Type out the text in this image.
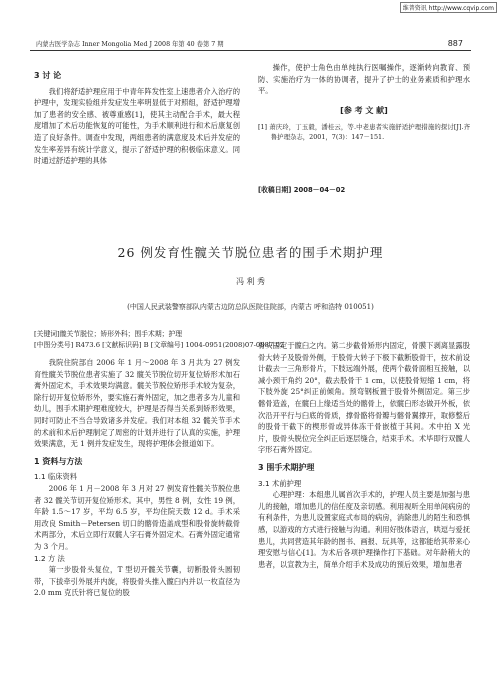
维普资讯 http://www.cqvip.com
内蒙古医学杂志 Inner Mongolia Med J 2008 年第 40 卷第 7 期	887
3 讨 论

我们将舒适护理应用于中青年阵发性室上速患者介入治疗的护理中，发现实验组并发症发生率明显低于对照组，舒适护理增加了患者的安全感、被尊重感[1]，使其主动配合手术，最大程度增加了术后功能恢复的可能性，为手术顺利进行和术后康复创造了良好条件。调查中发现，两组患者的满意度及术后并发症的发生率差异有统计学意义，提示了舒适护理的积极临床意义。同时通过舒适护理的具体

操作，使护士角色由单纯执行医嘱操作，逐渐转向教育、预防、实施治疗为一体的协调者，提升了护士的业务素质和护理水平。

[参 考 文 献]
[1] 萧庆玲，丁玉毅，潘桂云，等.中老患者实施舒适护理措施的探讨[J].齐鲁护理杂志，2001，7(3)：147－151.
[收稿日期] 2008－04－02
26 例发育性髋关节脱位患者的围手术期护理
冯 利 秀
(中国人民武装警察部队内蒙古边防总队医院住院部，内蒙古 呼和浩特 010051)
[关键词]髋关节脱位；矫形外科；围手术期；护理
[中图分类号] R473.6 [文献标识码] B [文章编号] 1004-0951(2008)07-0887-02

我院住院部自 2006 年 1 月～2008 年 3 月共为 27 例发育性髋关节脱位患者实施了 32 髋关节脱位切开复位矫形术加石膏外固定术，手术效果均满意。髋关节脱位矫形手术较为复杂，除行切开复位矫形外，要实施石膏外固定，加之患者多为儿童和幼儿，围手术期护理难度较大，护理是否得当关系到矫形效果，同时可防止不当合导致诸多并发症。我们对本组 32 髋关节手术的术前和术后护理制定了周密的计划并进行了认真的实施，护理效果满意，无 1 例并发症发生，现将护理体会报道如下。

1 资料与方法
1.1 临床资料

2006 年 1 月－2008 年 3 月对 27 例发育性髋关节脱位患者 32 髋关节切开复位矫形术。其中，男性 8 例，女性 19 例，年龄 1.5～17 岁，平均 6.5 岁，平均住院天数 12 d。手术采用改良 Smith－Petersen 切口的髂骨造盖成型和股骨旋转截骨术两部分，术后立即行双髋人字石膏外固定术。石膏外固定通常为 3 个月。

1.2 方 法

第一步股骨头复位，T 型切开髋关节囊，切断股骨头圆韧带，下拔牵引外展并内旋，将股骨头推入髋臼内并以一枚直径为 2.0 mm 克氏针将已复位的股

骨头固定于髋臼之内。第二步截骨矫形内固定，骨膜下剥离显露股骨大转子及股骨外侧，于股骨大转子下极下截断股骨干，按术前设计截去一三角形骨片，下肢远端外展，使两个截骨面相互接触，以减小颈干角约 20°，截去股骨干 1 cm，以使股骨短缩 1 cm，将下肢外旋 25°纠正前倾角。预弯钢板置于股骨外侧固定。第三步髂骨造盖，在髋臼上缘适当处的髂骨上，依髋臼形态做开外板，依次沿开平行与臼底的骨质，撑骨骼将骨瓣与髂骨翼撑开，取修整后的股骨干截下的楔形骨或异体冻干骨嵌植于其间。术中拍 X 光片，股骨头脱位完全纠正后逐层缝合，结束手术。术毕即行双髋人字形石膏外固定。
3 围手术期护理
3.1 术前护理

心理护理：本组患儿属首次手术的，护理人员主要是加强与患儿的接触，增加患儿的信任度及亲切感。利用视听全用单间病房的有利条件，为患儿设置家庭式布局的病房，消除患儿的陌生和恐惧感，以游戏的方式进行接触与沟通。利用好肢体语言，哄逗与爱抚患儿，共同营造其年龄的图书、画报、玩具等，这都能给其带来心理安慰与信心[1]。为术后各项护理操作打下基础。对年龄稍大的患者，以宣教为主，简单介绍手术及成功的预后效果，增加患者
